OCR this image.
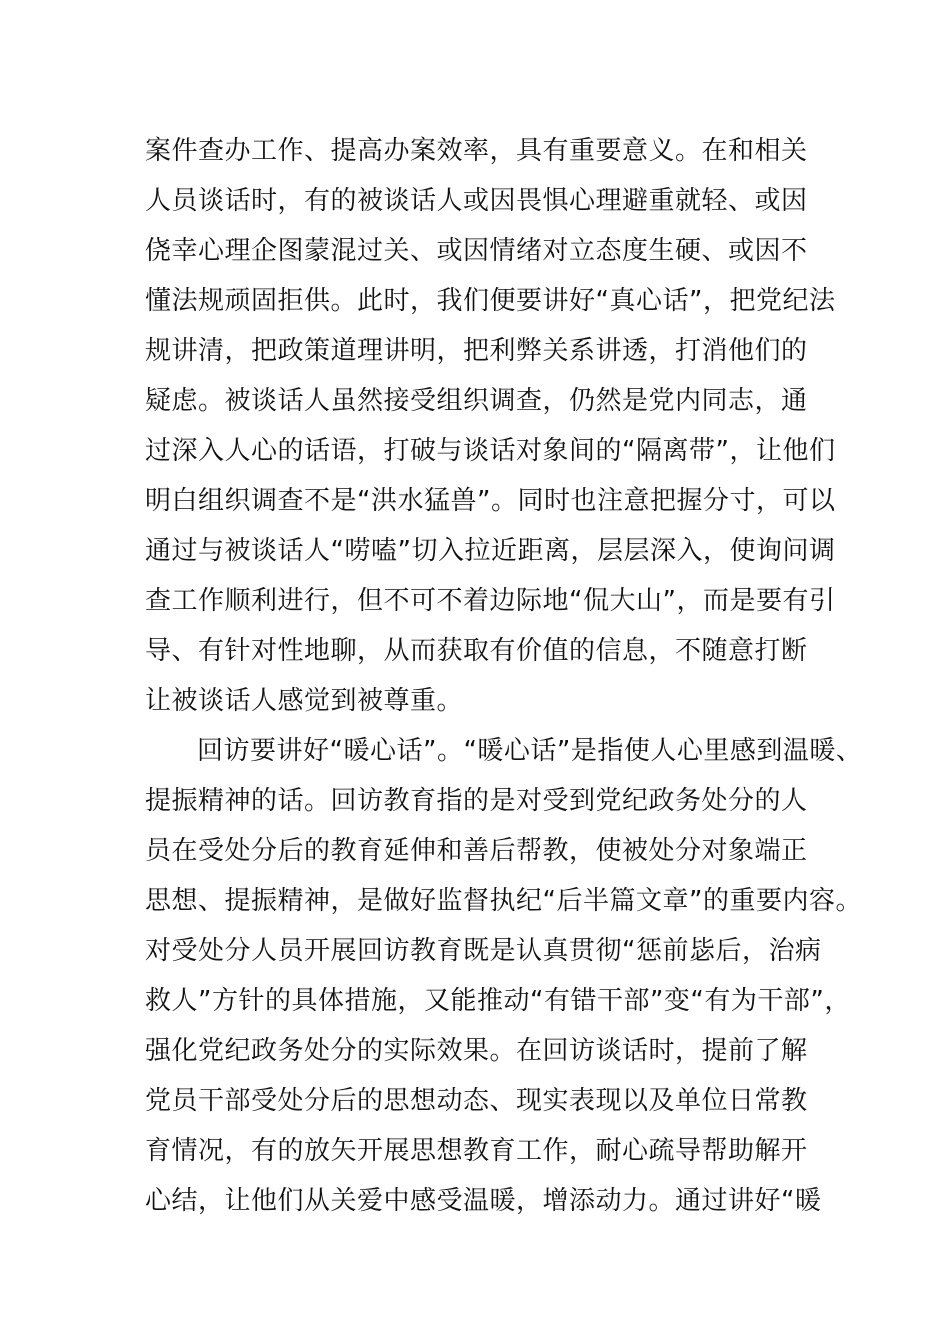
案件查办工作、提高办案效率，具有重要意义。在和相关
人员谈话时，有的被谈话人或因畏惧心理避重就轻、或因
侥幸心理企图蒙混过关、或因情绪对立态度生硬、或因不
懂法规顽固拒供。此时，我们便要讲好“真心话”，把党纪法
规讲清，把政策道理讲明，把利弊关系讲透，打消他们的
疑虑。被谈话人虽然接受组织调查，仍然是党内同志，通
过深入人心的话语，打破与谈话对象间的“隔离带”，让他们
明白组织调查不是“洪水猛兽”。同时也注意把握分寸，可以
通过与被谈话人“唠嗑”切入拉近距离，层层深入，使询问调
查工作顺利进行，但不可不着边际地“侃大山”，而是要有引
导、有针对性地聊，从而获取有价值的信息，不随意打断
让被谈话人感觉到被尊重。
回访要讲好“暖心话”。“暖心话”是指使人心里感到温暖、
提振精神的话。回访教育指的是对受到党纪政务处分的人
员在受处分后的教育延伸和善后帮教，使被处分对象端正
思想、提振精神，是做好监督执纪“后半篇文章”的重要内容。
对受处分人员开展回访教育既是认真贯彻“惩前毖后，治病
救人”方针的具体措施，又能推动“有错干部”变“有为干部”，
强化党纪政务处分的实际效果。在回访谈话时，提前了解
党员干部受处分后的思想动态、现实表现以及单位日常教
育情况，有的放矢开展思想教育工作，耐心疏导帮助解开
心结，让他们从关爱中感受温暖，增添动力。通过讲好“暖
